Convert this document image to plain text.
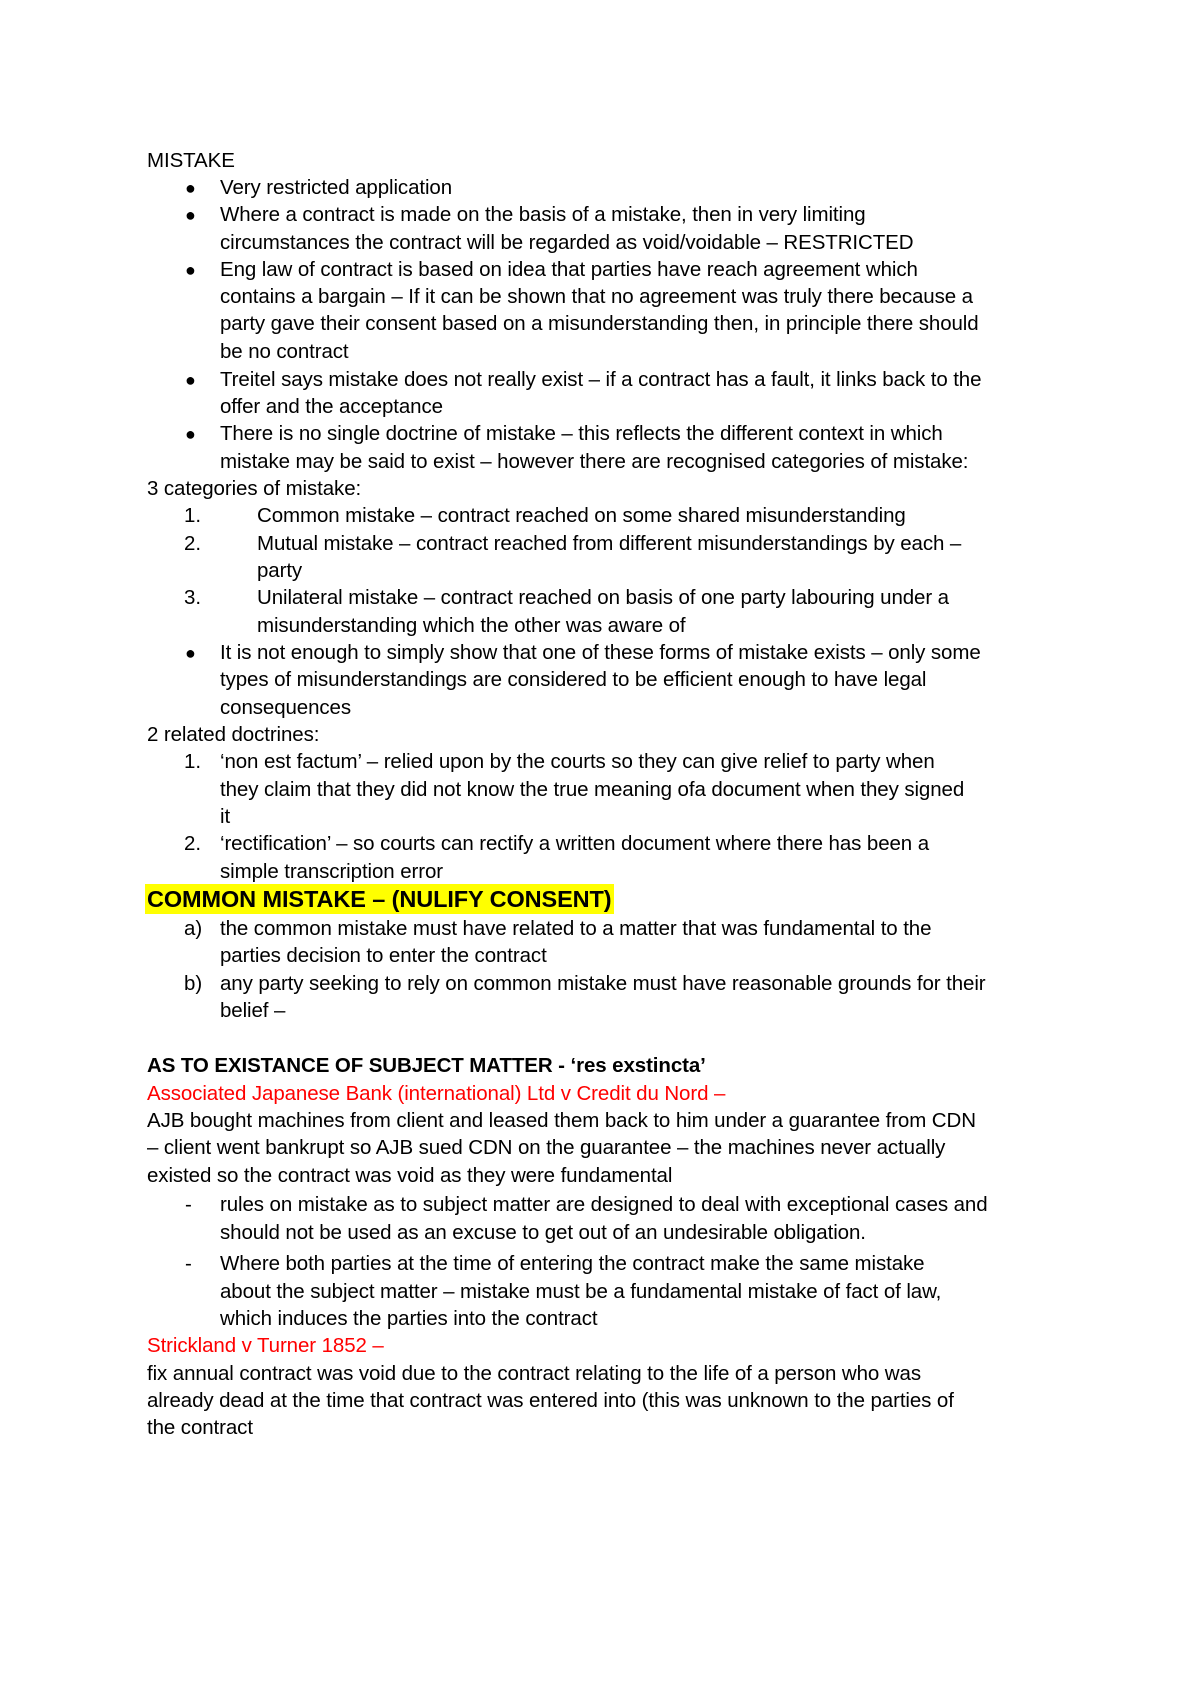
MISTAKE
● Very restricted application
● Where a contract is made on the basis of a mistake, then in very limiting
circumstances the contract will be regarded as void/voidable – RESTRICTED
● Eng law of contract is based on idea that parties have reach agreement which
contains a bargain – If it can be shown that no agreement was truly there because a
party gave their consent based on a misunderstanding then, in principle there should
be no contract
● Treitel says mistake does not really exist – if a contract has a fault, it links back to the
offer and the acceptance
● There is no single doctrine of mistake – this reflects the different context in which
mistake may be said to exist – however there are recognised categories of mistake:
3 categories of mistake:
1.	Common mistake – contract reached on some shared misunderstanding
2.	Mutual mistake – contract reached from different misunderstandings by each –
party
3.	Unilateral mistake – contract reached on basis of one party labouring under a
misunderstanding which the other was aware of
● It is not enough to simply show that one of these forms of mistake exists – only some
types of misunderstandings are considered to be efficient enough to have legal
consequences
2 related doctrines:
1. ‘non est factum’ – relied upon by the courts so they can give relief to party when
they claim that they did not know the true meaning ofa document when they signed
it
2. ‘rectification’ – so courts can rectify a written document where there has been a
simple transcription error
COMMON MISTAKE – (NULIFY CONSENT)
a) the common mistake must have related to a matter that was fundamental to the
parties decision to enter the contract
b) any party seeking to rely on common mistake must have reasonable grounds for their
belief –
AS TO EXISTANCE OF SUBJECT MATTER - ‘res exstincta’
Associated Japanese Bank (international) Ltd v Credit du Nord –
AJB bought machines from client and leased them back to him under a guarantee from CDN
– client went bankrupt so AJB sued CDN on the guarantee – the machines never actually
existed so the contract was void as they were fundamental
- rules on mistake as to subject matter are designed to deal with exceptional cases and
should not be used as an excuse to get out of an undesirable obligation.
- Where both parties at the time of entering the contract make the same mistake
about the subject matter – mistake must be a fundamental mistake of fact of law,
which induces the parties into the contract
Strickland v Turner 1852 –
fix annual contract was void due to the contract relating to the life of a person who was
already dead at the time that contract was entered into (this was unknown to the parties of
the contract
